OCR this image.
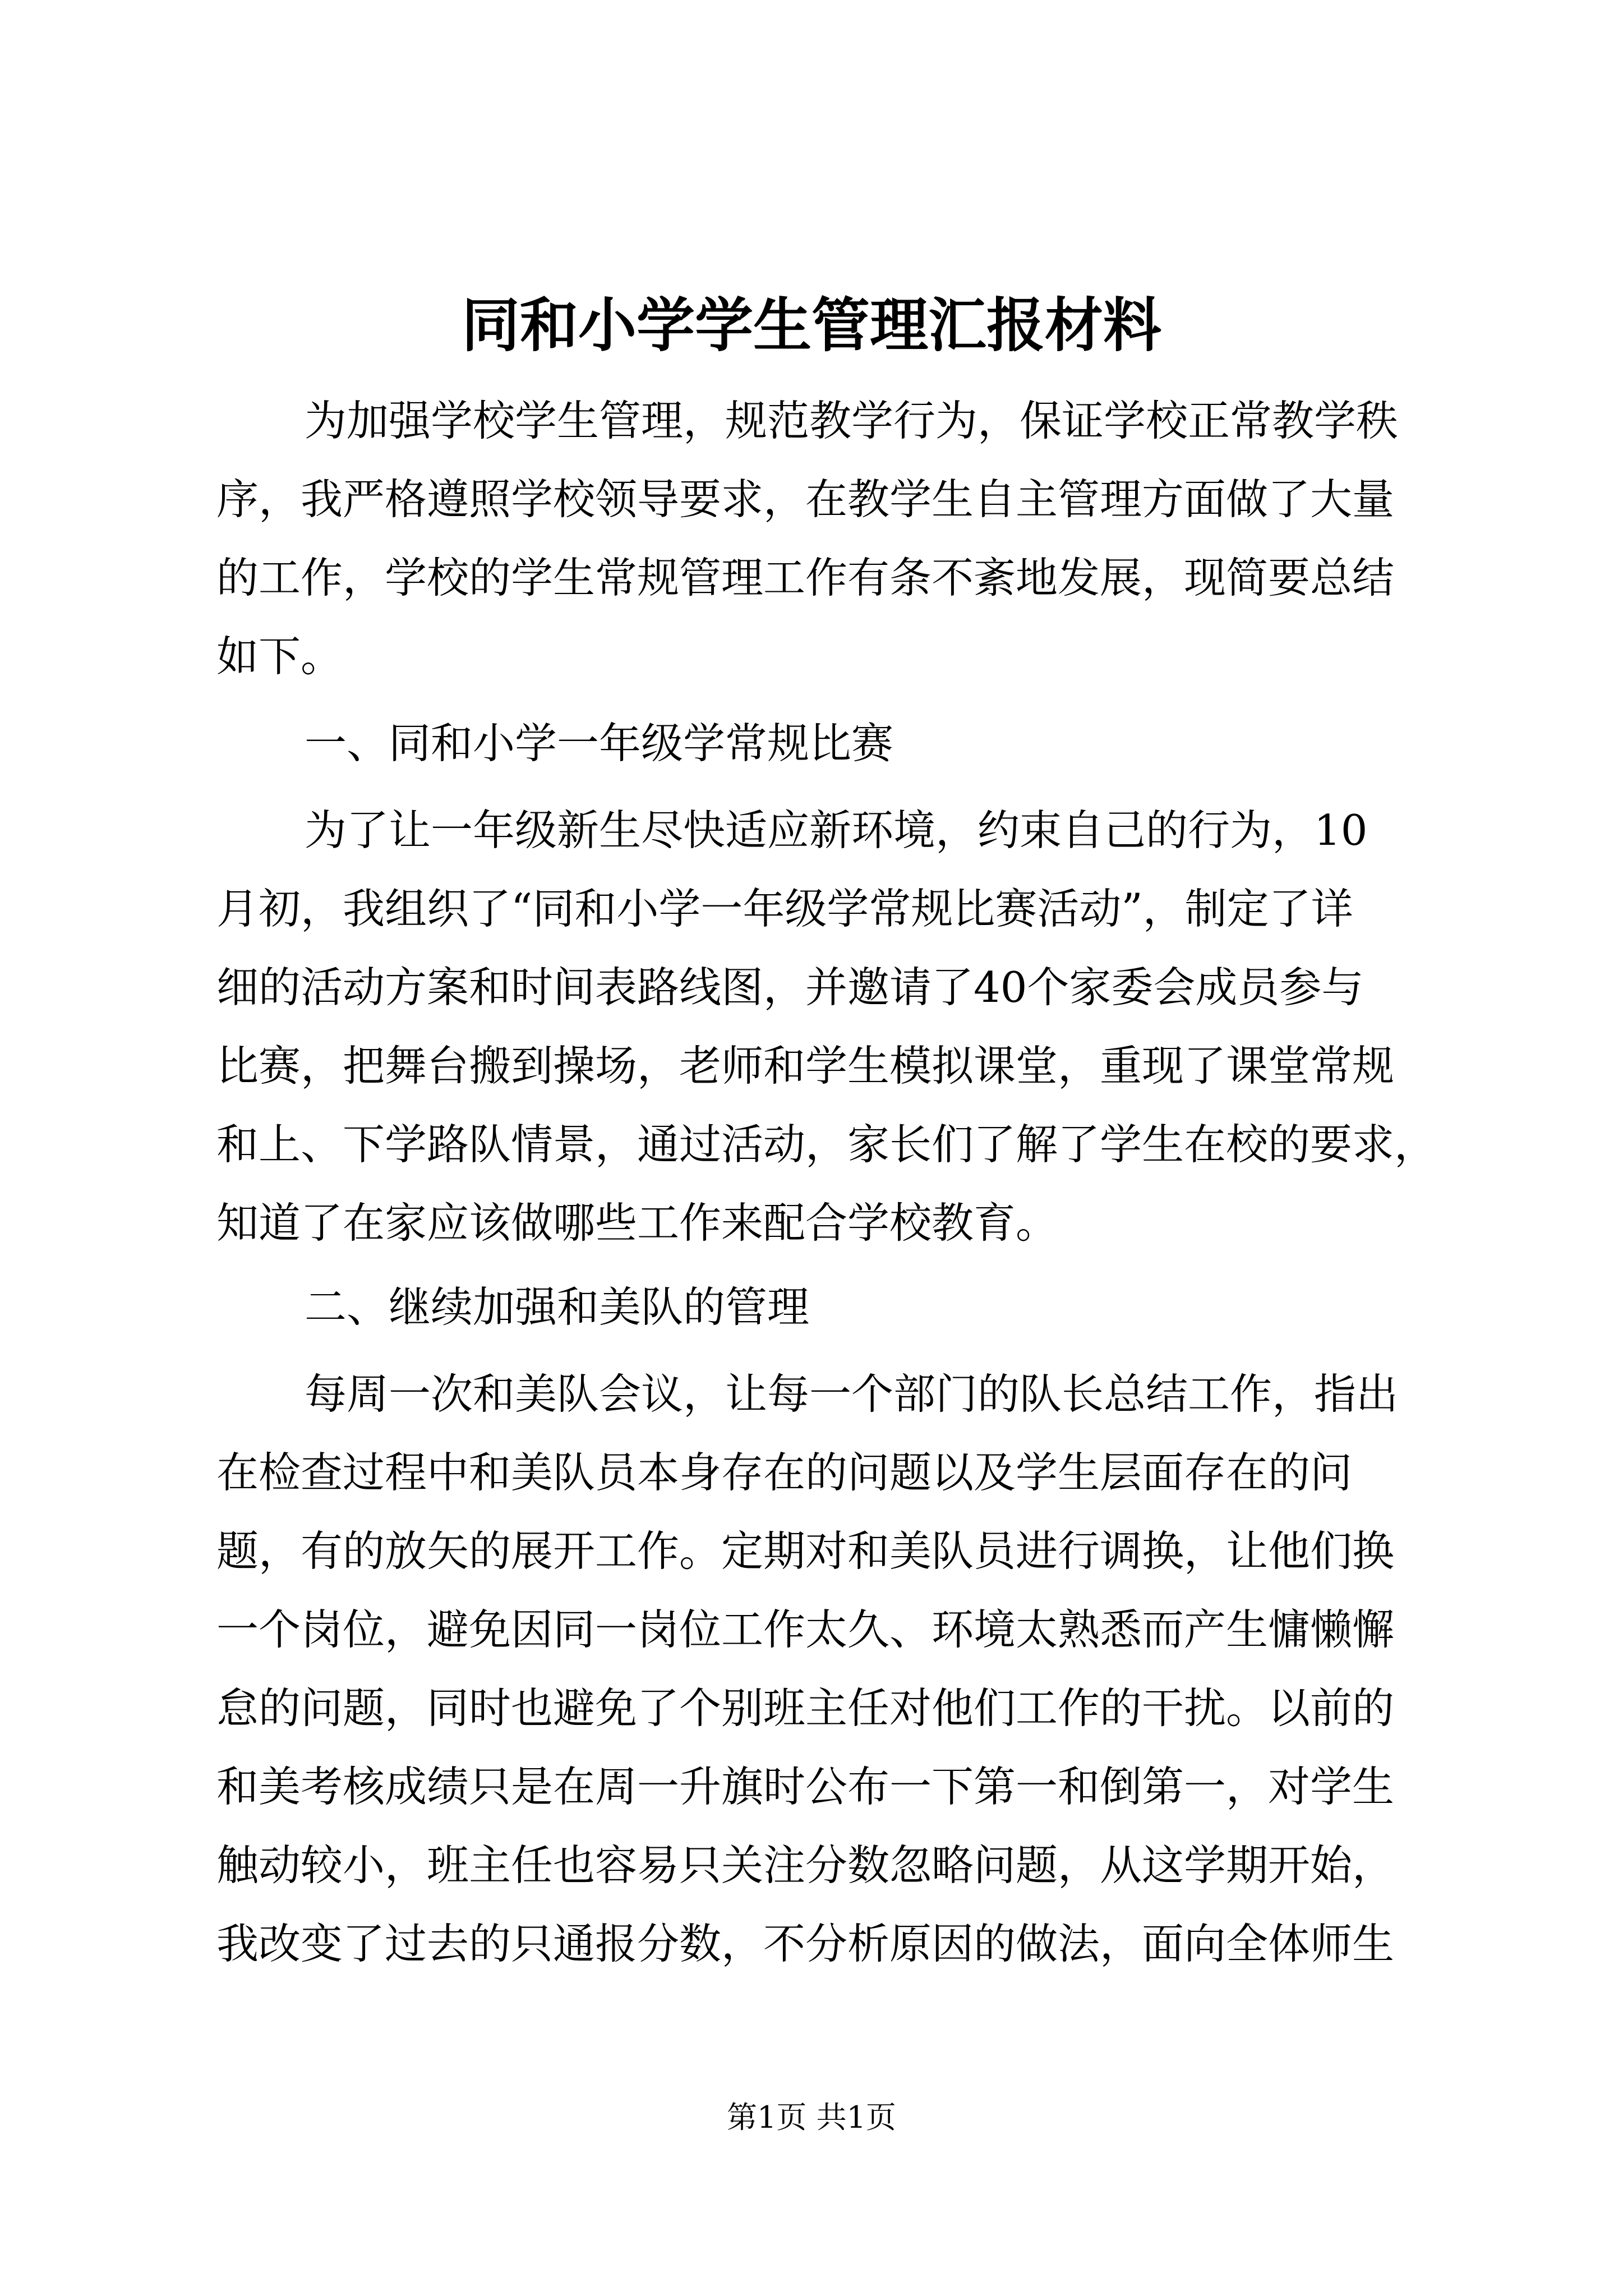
同和小学学生管理汇报材料
为加强学校学生管理，规范教学行为，保证学校正常教学秩
序，我严格遵照学校领导要求，在教学生自主管理方面做了大量
的工作，学校的学生常规管理工作有条不紊地发展，现简要总结
如下。
一、同和小学一年级学常规比赛
为了让一年级新生尽快适应新环境，约束自己的行为，10
月初，我组织了“同和小学一年级学常规比赛活动”，制定了详
细的活动方案和时间表路线图，并邀请了40个家委会成员参与
比赛，把舞台搬到操场，老师和学生模拟课堂，重现了课堂常规
和上、下学路队情景，通过活动，家长们了解了学生在校的要求，
知道了在家应该做哪些工作来配合学校教育。
二、继续加强和美队的管理
每周一次和美队会议，让每一个部门的队长总结工作，指出
在检查过程中和美队员本身存在的问题以及学生层面存在的问
题，有的放矢的展开工作。定期对和美队员进行调换，让他们换
一个岗位，避免因同一岗位工作太久、环境太熟悉而产生慵懒懈
怠的问题，同时也避免了个别班主任对他们工作的干扰。以前的
和美考核成绩只是在周一升旗时公布一下第一和倒第一，对学生
触动较小，班主任也容易只关注分数忽略问题，从这学期开始，
我改变了过去的只通报分数，不分析原因的做法，面向全体师生
第1页 共1页
